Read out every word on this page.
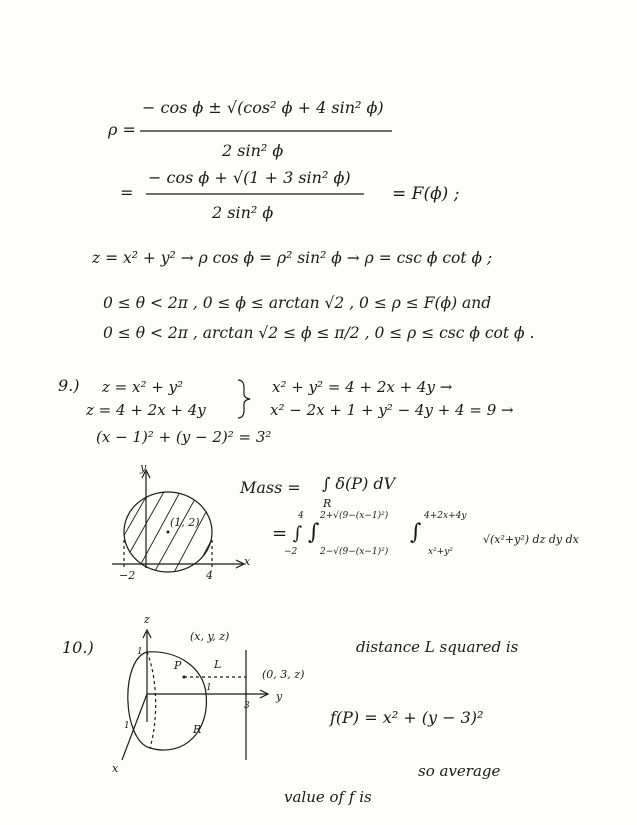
ρ =
− cos ϕ ± √(cos² ϕ + 4 sin² ϕ)
2 sin² ϕ
=
− cos ϕ + √(1 + 3 sin² ϕ)
2 sin² ϕ
= F(ϕ) ;
z = x² + y² → ρ cos ϕ = ρ² sin² ϕ → ρ = csc ϕ cot ϕ ;
0 ≤ θ < 2π , 0 ≤ ϕ ≤ arctan √2 , 0 ≤ ρ ≤ F(ϕ) and
0 ≤ θ < 2π , arctan √2 ≤ ϕ ≤ π/2 , 0 ≤ ρ ≤ csc ϕ cot ϕ .
9.) z = x² + y²
z = 4 + 2x + 4y
x² + y² = 4 + 2x + 4y →
x² − 2x + 1 + y² − 4y + 4 = 9 →
(x − 1)² + (y − 2)² = 3²
Mass = ∫ δ(P) dV
R
= ∫
−2
4
∫
2+√(9−(x−1)²)
2−√(9−(x−1)²)
∫
4+2x+4y
x²+y²
√(x²+y²) dz dy dx
y
x
(1, 2)
−2	4
10.)
z
y
x
(x, y, z)
(0, 3, z)
P	L
R
1
1
1
3
distance L squared is
f(P) = x² + (y − 3)²
so average
value of f is
